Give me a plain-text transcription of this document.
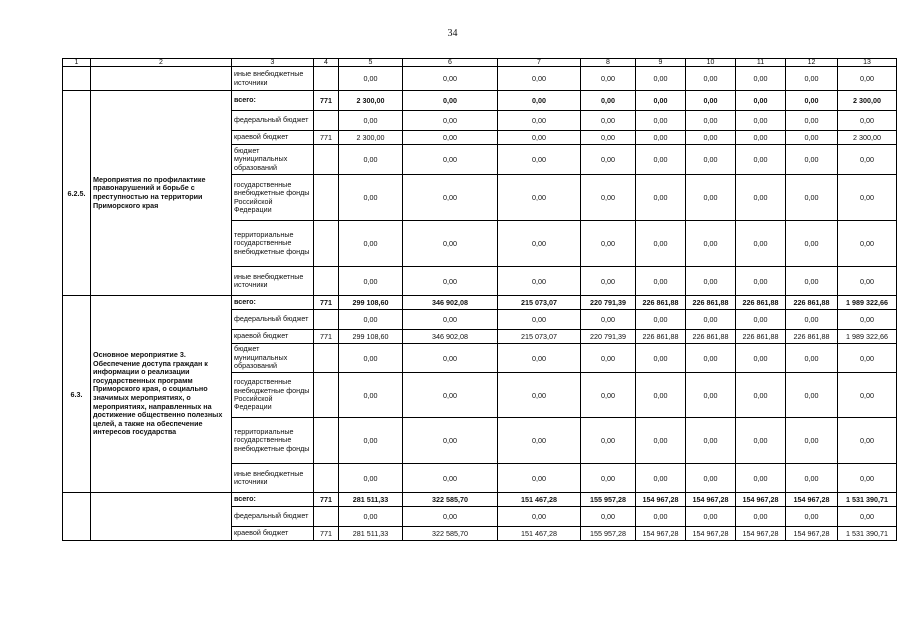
34
1	2	3	4	5	6	7	8	9	10	11	12	13
		иные внебюджетные источники		0,00	0,00	0,00	0,00	0,00	0,00	0,00	0,00	0,00
6.2.5.	Мероприятия по профилактике правонарушений и борьбе с преступностью на территории Приморского края	всего:	771	2 300,00	0,00	0,00	0,00	0,00	0,00	0,00	0,00	2 300,00
		федеральный бюджет		0,00	0,00	0,00	0,00	0,00	0,00	0,00	0,00	0,00
		краевой бюджет	771	2 300,00	0,00	0,00	0,00	0,00	0,00	0,00	0,00	2 300,00
		бюджет муниципальных образований		0,00	0,00	0,00	0,00	0,00	0,00	0,00	0,00	0,00
		государственные внебюджетные фонды Российской Федерации		0,00	0,00	0,00	0,00	0,00	0,00	0,00	0,00	0,00
		территориальные государственные внебюджетные фонды		0,00	0,00	0,00	0,00	0,00	0,00	0,00	0,00	0,00
		иные внебюджетные источники		0,00	0,00	0,00	0,00	0,00	0,00	0,00	0,00	0,00
6.3.	Основное мероприятие 3. Обеспечение доступа граждан к информации о реализации государственных программ Приморского края, о социально значимых мероприятиях, о мероприятиях, направленных на достижение общественно полезных целей, а также на обеспечение интересов государства	всего:	771	299 108,60	346 902,08	215 073,07	220 791,39	226 861,88	226 861,88	226 861,88	226 861,88	1 989 322,66
		федеральный бюджет		0,00	0,00	0,00	0,00	0,00	0,00	0,00	0,00	0,00
		краевой бюджет	771	299 108,60	346 902,08	215 073,07	220 791,39	226 861,88	226 861,88	226 861,88	226 861,88	1 989 322,66
		бюджет муниципальных образований		0,00	0,00	0,00	0,00	0,00	0,00	0,00	0,00	0,00
		государственные внебюджетные фонды Российской Федерации		0,00	0,00	0,00	0,00	0,00	0,00	0,00	0,00	0,00
		территориальные государственные внебюджетные фонды		0,00	0,00	0,00	0,00	0,00	0,00	0,00	0,00	0,00
		иные внебюджетные источники		0,00	0,00	0,00	0,00	0,00	0,00	0,00	0,00	0,00
		всего:	771	281 511,33	322 585,70	151 467,28	155 957,28	154 967,28	154 967,28	154 967,28	154 967,28	1 531 390,71
		федеральный бюджет		0,00	0,00	0,00	0,00	0,00	0,00	0,00	0,00	0,00
		краевой бюджет	771	281 511,33	322 585,70	151 467,28	155 957,28	154 967,28	154 967,28	154 967,28	154 967,28	1 531 390,71
